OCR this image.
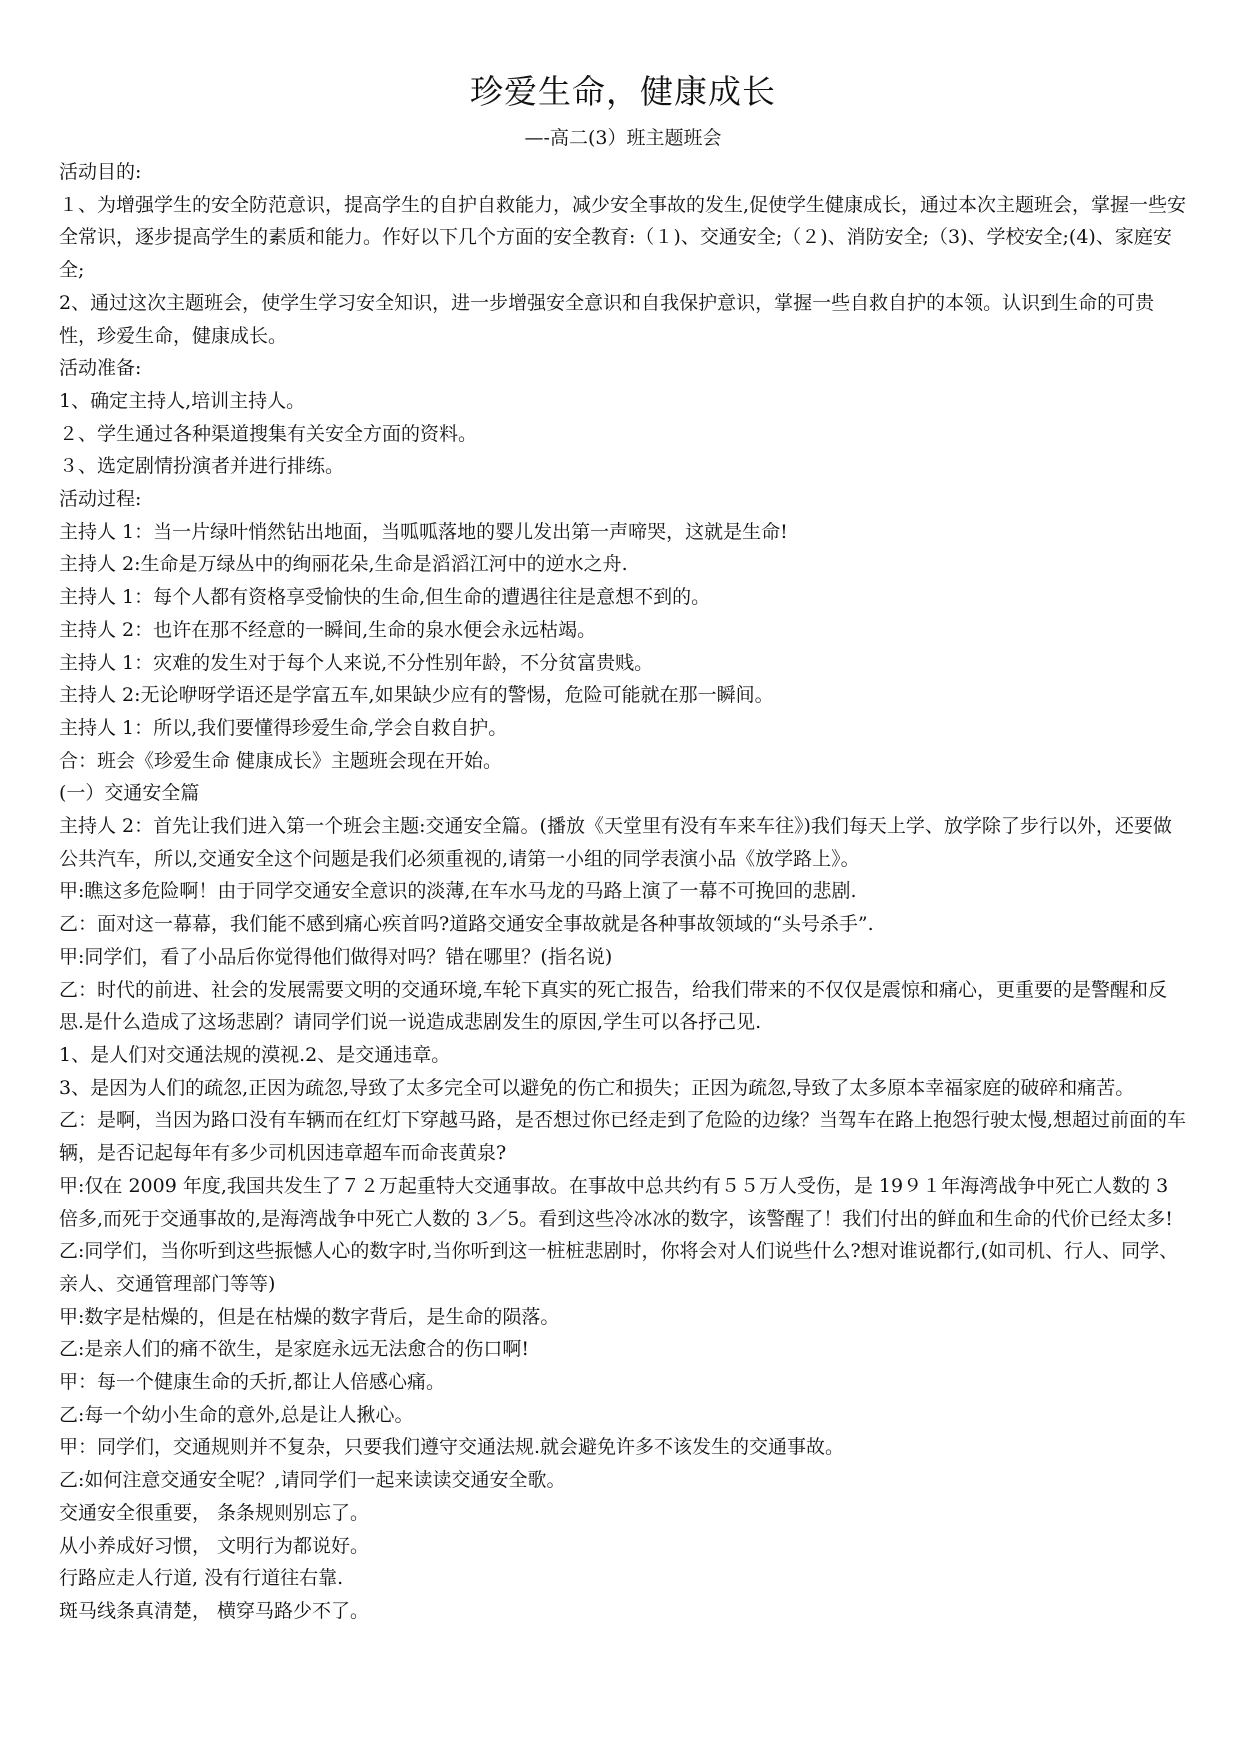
珍爱生命，健康成长

—-高二(3）班主题班会

活动目的:

１、为增强学生的安全防范意识，提高学生的自护自救能力，减少安全事故的发生,促使学生健康成长，通过本次主题班会，掌握一些安全常识，逐步提高学生的素质和能力。作好以下几个方面的安全教育:（１)、交通安全;（２)、消防安全;（3)、学校安全;(4)、家庭安全;

2、通过这次主题班会，使学生学习安全知识，进一步增强安全意识和自我保护意识，掌握一些自救自护的本领。认识到生命的可贵性，珍爱生命，健康成长。

活动准备:

1、确定主持人,培训主持人。

２、学生通过各种渠道搜集有关安全方面的资料。

３、选定剧情扮演者并进行排练。

活动过程:

主持人 1：当一片绿叶悄然钻出地面，当呱呱落地的婴儿发出第一声啼哭，这就是生命!

主持人 2:生命是万绿丛中的绚丽花朵,生命是滔滔江河中的逆水之舟.

主持人 1：每个人都有资格享受愉快的生命,但生命的遭遇往往是意想不到的。

主持人 2：也许在那不经意的一瞬间,生命的泉水便会永远枯竭。

主持人 1：灾难的发生对于每个人来说,不分性别年龄，不分贫富贵贱。

主持人 2:无论咿呀学语还是学富五车,如果缺少应有的警惕，危险可能就在那一瞬间。

主持人 1：所以,我们要懂得珍爱生命,学会自救自护。

合：班会《珍爱生命 健康成长》主题班会现在开始。

(一）交通安全篇

主持人 2：首先让我们进入第一个班会主题:交通安全篇。(播放《天堂里有没有车来车往》)我们每天上学、放学除了步行以外，还要做公共汽车，所以,交通安全这个问题是我们必须重视的,请第一小组的同学表演小品《放学路上》。

甲:瞧这多危险啊！由于同学交通安全意识的淡薄,在车水马龙的马路上演了一幕不可挽回的悲剧.

乙：面对这一幕幕，我们能不感到痛心疾首吗?道路交通安全事故就是各种事故领域的“头号杀手”.

甲:同学们，看了小品后你觉得他们做得对吗？错在哪里？(指名说)

乙：时代的前进、社会的发展需要文明的交通环境,车轮下真实的死亡报告，给我们带来的不仅仅是震惊和痛心，更重要的是警醒和反思.是什么造成了这场悲剧？请同学们说一说造成悲剧发生的原因,学生可以各抒己见.

1、是人们对交通法规的漠视.2、是交通违章。

3、是因为人们的疏忽,正因为疏忽,导致了太多完全可以避免的伤亡和损失；正因为疏忽,导致了太多原本幸福家庭的破碎和痛苦。

乙：是啊，当因为路口没有车辆而在红灯下穿越马路，是否想过你已经走到了危险的边缘？当驾车在路上抱怨行驶太慢,想超过前面的车辆，是否记起每年有多少司机因违章超车而命丧黄泉?

甲:仅在 2009 年度,我国共发生了７２万起重特大交通事故。在事故中总共约有５５万人受伤，是 19９１年海湾战争中死亡人数的 3 倍多,而死于交通事故的,是海湾战争中死亡人数的 3／5。看到这些冷冰冰的数字，该警醒了！我们付出的鲜血和生命的代价已经太多!

乙:同学们，当你听到这些振憾人心的数字时,当你听到这一桩桩悲剧时，你将会对人们说些什么?想对谁说都行,(如司机、行人、同学、亲人、交通管理部门等等)

甲:数字是枯燥的，但是在枯燥的数字背后，是生命的陨落。

乙:是亲人们的痛不欲生，是家庭永远无法愈合的伤口啊!

甲：每一个健康生命的夭折,都让人倍感心痛。

乙:每一个幼小生命的意外,总是让人揪心。

甲：同学们，交通规则并不复杂，只要我们遵守交通法规.就会避免许多不该发生的交通事故。

乙:如何注意交通安全呢？,请同学们一起来读读交通安全歌。

交通安全很重要， 条条规则别忘了。

从小养成好习惯， 文明行为都说好。

行路应走人行道, 没有行道往右靠.

斑马线条真清楚， 横穿马路少不了。
